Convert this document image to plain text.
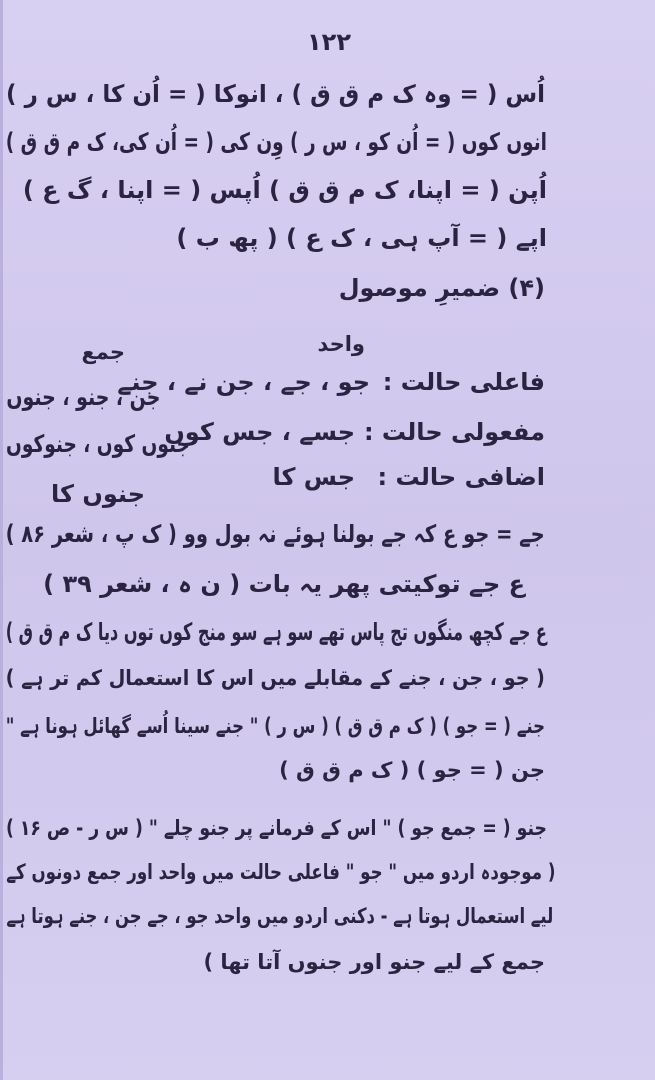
۱۲۲
اُس ( = وہ ک م ق ق ) ، انوکا ( = اُن کا ، س ر )
انوں کوں ( = اُن کو ، س ر ) وِن کی ( = اُن کی، ک م ق ق )
اُپن ( = اپنا، ک م ق ق ) اُپس ( = اپنا ، گ ع )
اپے ( = آپ ہی ، ک ع ) ( پھ ب )
(۴) ضمیرِ موصول
واحد
جمع
فاعلی حالت :
جو ، جے ، جن نے ، جنے
جن ، جنو ، جنوں
مفعولی حالت :
جسے ، جس کوں
جنوں کوں ، جنوکوں
اضافی حالت :
جس کا
جنوں کا
جے = جو ع کہ جے بولنا ہوئے نہ بول وو ( ک پ ، شعر ۸۶ )
ع جے توکیتی پھر یہ بات ( ن ہ ، شعر ۳۹ )
ع جے کچھ منگوں تج پاس تھے سو ہے سو منج کوں توں دیا ک م ق ق )
( جو ، جن ، جنے کے مقابلے میں اس کا استعمال کم تر ہے )
جنے ( = جو ) ( ک م ق ق ) ( س ر ) " جنے سینا اُسے گھائل ہونا ہے "
جن ( = جو ) ( ک م ق ق )
جنو ( = جمع جو ) " اس کے فرمانے پر جنو چلے " ( س ر - ص ۱۶ )
( موجودہ اردو میں " جو " فاعلی حالت میں واحد اور جمع دونوں کے
لیے استعمال ہوتا ہے - دکنی اردو میں واحد جو ، جے جن ، جنے ہوتا ہے
جمع کے لیے جنو اور جنوں آتا تھا )
